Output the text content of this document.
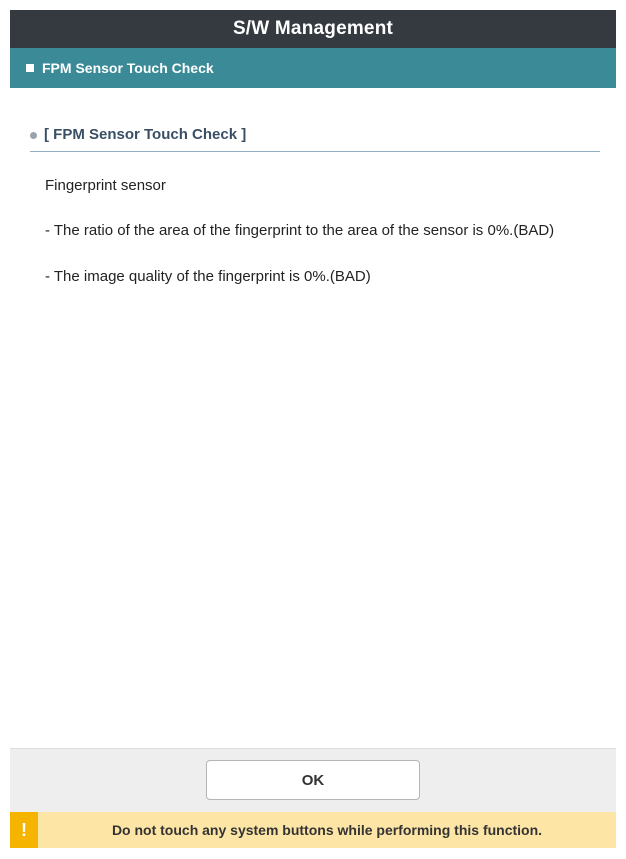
S/W Management
FPM Sensor Touch Check
[ FPM Sensor Touch Check ]
Fingerprint sensor
- The ratio of the area of the fingerprint to the area of the sensor is 0%.(BAD)
- The image quality of the fingerprint is 0%.(BAD)
OK
!	Do not touch any system buttons while performing this function.
